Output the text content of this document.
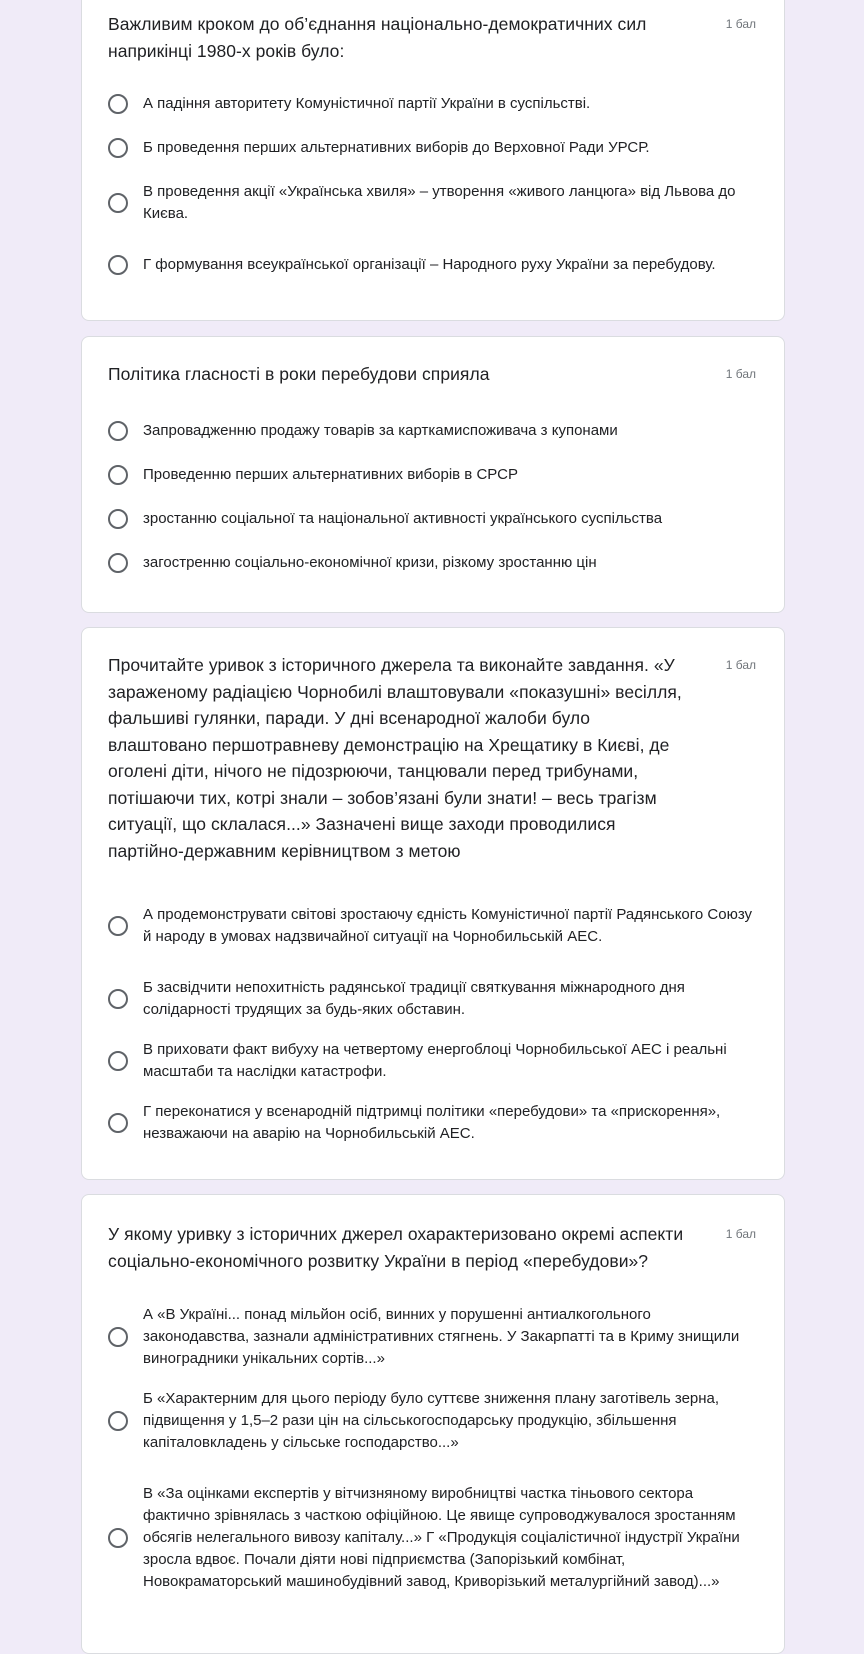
Важливим кроком до об’єднання національно-демократичних сил наприкінці 1980-х років було:

1 бал
А падіння авторитету Комуністичної партії України в суспільстві.
Б проведення перших альтернативних виборів до Верховної Ради УРСР.
В проведення акції «Українська хвиля» – утворення «живого ланцюга» від Львова до Києва.
Г формування всеукраїнської організації – Народного руху України за перебудову.

Політика гласності в роки перебудови сприяла	1 бал
Запровадженню продажу товарів за карткамиспоживача з купонами
Проведенню перших альтернативних виборів в СРСР
зростанню соціальної та національної активності українського суспільства
загостренню соціально-економічної кризи, різкому зростанню цін

Прочитайте уривок з історичного джерела та виконайте завдання. «У зараженому радіацією Чорнобилі влаштовували «показушні» весілля, фальшиві гулянки, паради. У дні всенародної жалоби було влаштовано першотравневу демонстрацію на Хрещатику в Києві, де оголені діти, нічого не підозрюючи, танцювали перед трибунами, потішаючи тих, котрі знали – зобов’язані були знати! – весь трагізм ситуації, що склалася...» Зазначені вище заходи проводилися партійно-державним керівництвом з метою

1 бал
А продемонструвати світові зростаючу єдність Комуністичної партії Радянського Союзу й народу в умовах надзвичайної ситуації на Чорнобильській АЕС.
Б засвідчити непохитність радянської традиції святкування міжнародного дня солідарності трудящих за будь-яких обставин.
В приховати факт вибуху на четвертому енергоблоці Чорнобильської АЕС і реальні масштаби та наслідки катастрофи.
Г переконатися у всенародній підтримці політики «перебудови» та «прискорення», незважаючи на аварію на Чорнобильській АЕС.

У якому уривку з історичних джерел охарактеризовано окремі аспекти соціально-економічного розвитку України в період «перебудови»?

1 бал
А «В Україні... понад мільйон осіб, винних у порушенні антиалкогольного законодавства, зазнали адміністративних стягнень. У Закарпатті та в Криму знищили виноградники унікальних сортів...»
Б «Характерним для цього періоду було суттєве зниження плану заготівель зерна, підвищення у 1,5–2 рази цін на сільськогосподарську продукцію, збільшення капіталовкладень у сільське господарство...»
В «За оцінками експертів у вітчизняному виробництві частка тіньового сектора фактично зрівнялась з часткою офіційною. Це явище супроводжувалося зростанням обсягів нелегального вивозу капіталу...» Г «Продукція соціалістичної індустрії України зросла вдвоє. Почали діяти нові підприємства (Запорізький комбінат, Новокраматорський машинобудівний завод, Криворізький металургійний завод)...»
